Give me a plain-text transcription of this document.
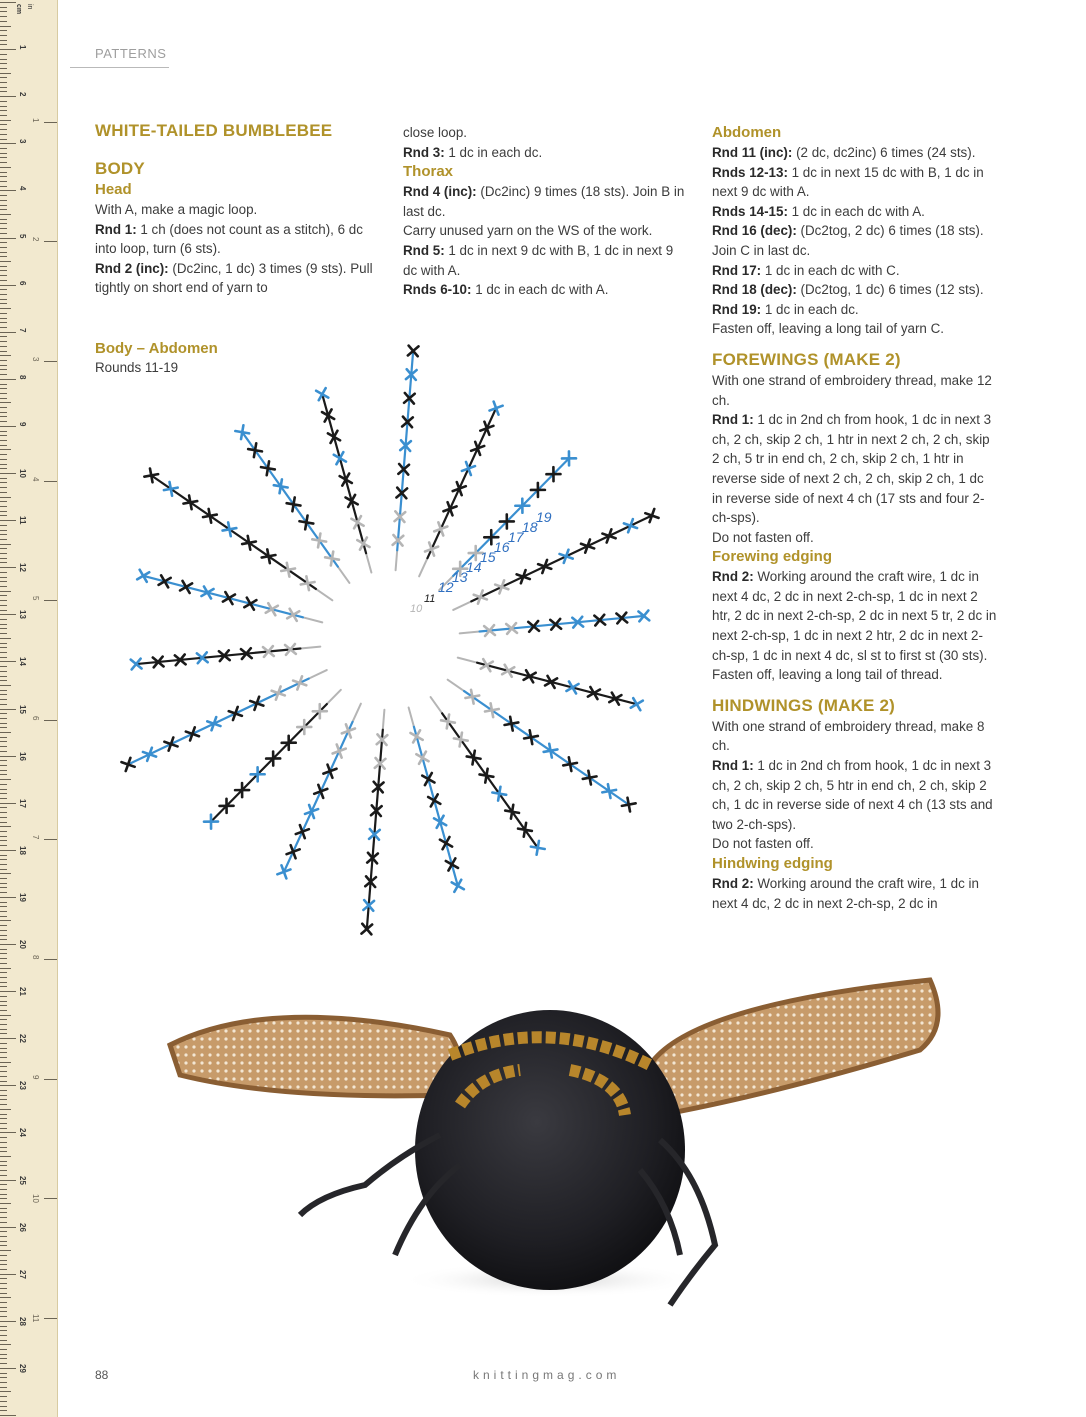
in
cm
1
2
3
4
5
6
7
8
9
10
11
12
13
14
15
16
17
18
19
20
21
22
23
24
25
26
27
28
29
1
2
3
4
5
6
7
8
9
10
11
PATTERNS

WHITE-TAILED BUMBLEBEE

BODY

Head

With A, make a magic loop.

Rnd 1: 1 ch (does not count as a stitch), 6 dc into loop, turn (6 sts).

Rnd 2 (inc): (Dc2inc, 1 dc) 3 times (9 sts). Pull tightly on short end of yarn to

close loop.

Rnd 3: 1 dc in each dc.

Thorax

Rnd 4 (inc): (Dc2inc) 9 times (18 sts). Join B in last dc.

Carry unused yarn on the WS of the work.

Rnd 5: 1 dc in next 9 dc with B, 1 dc in next 9 dc with A.

Rnds 6-10: 1 dc in each dc with A.

Abdomen

Rnd 11 (inc): (2 dc, dc2inc) 6 times (24 sts).

Rnds 12-13: 1 dc in next 15 dc with B, 1 dc in next 9 dc with A.

Rnds 14-15: 1 dc in each dc with A.

Rnd 16 (dec): (Dc2tog, 2 dc) 6 times (18 sts). Join C in last dc.

Rnd 17: 1 dc in each dc with C.

Rnd 18 (dec): (Dc2tog, 1 dc) 6 times (12 sts).

Rnd 19: 1 dc in each dc.

Fasten off, leaving a long tail of yarn C.

FOREWINGS (MAKE 2)

With one strand of embroidery thread, make 12 ch.

Rnd 1: 1 dc in 2nd ch from hook, 1 dc in next 3 ch, 2 ch, skip 2 ch, 1 htr in next 2 ch, 2 ch, skip 2 ch, 5 tr in end ch, 2 ch, skip 2 ch, 1 htr in reverse side of next 2 ch, 2 ch, skip 2 ch, 1 dc in reverse side of next 4 ch (17 sts and four 2-ch-sps).

Do not fasten off.

Forewing edging

Rnd 2: Working around the craft wire, 1 dc in next 4 dc, 2 dc in next 2-ch-sp, 1 dc in next 2 htr, 2 dc in next 2-ch-sp, 2 dc in next 5 tr, 2 dc in next 2-ch-sp, 1 dc in next 2 htr, 2 dc in next 2-ch-sp, 1 dc in next 4 dc, sl st to first st (30 sts).

Fasten off, leaving a long tail of thread.

HINDWINGS (MAKE 2)

With one strand of embroidery thread, make 8 ch.

Rnd 1: 1 dc in 2nd ch from hook, 1 dc in next 3 ch, 2 ch, skip 2 ch, 5 htr in end ch, 2 ch, skip 2 ch, 1 dc in reverse side of next 4 ch (13 sts and two 2-ch-sps).

Do not fasten off.

Hindwing edging

Rnd 2: Working around the craft wire, 1 dc in next 4 dc, 2 dc in next 2-ch-sp, 2 dc in

Body – Abdomen
Rounds 11-19
10
11
12
13
14
15
16
17
18
19
88	knittingmag.com
